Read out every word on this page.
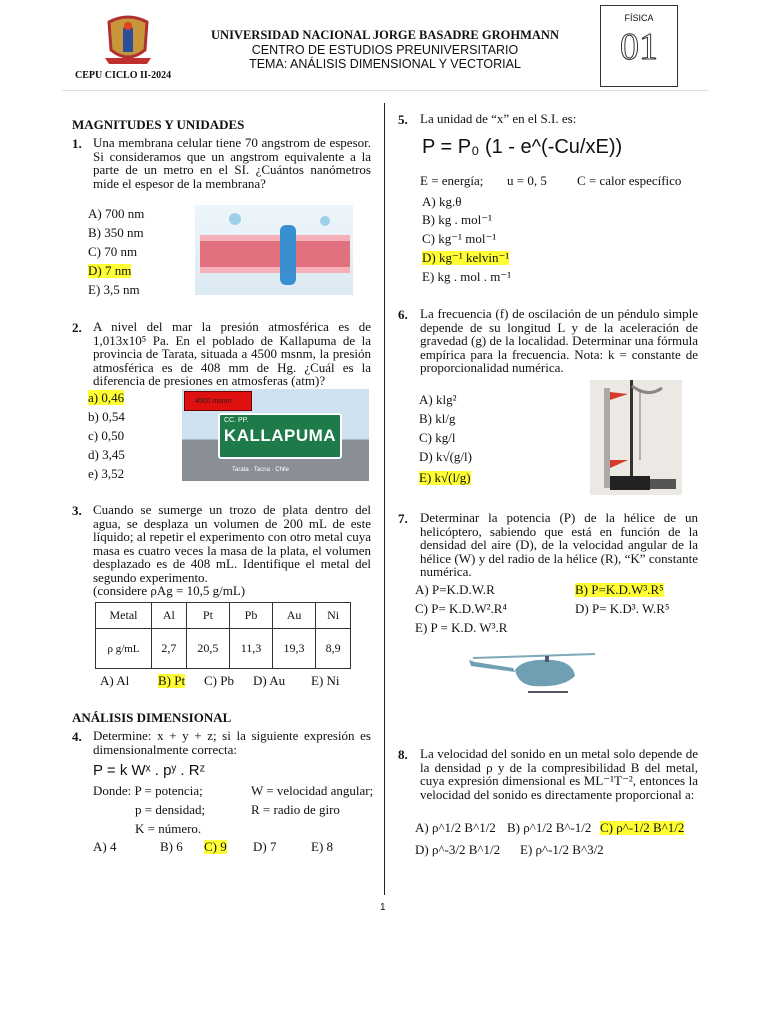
CEPU CICLO II-2024
UNIVERSIDAD NACIONAL JORGE BASADRE GROHMANN
CENTRO DE ESTUDIOS PREUNIVERSITARIO
TEMA: ANÁLISIS DIMENSIONAL Y VECTORIAL
FÍSICA
01
MAGNITUDES Y UNIDADES
1. Una membrana celular tiene 70 angstrom de espesor. Si consideramos que un angstrom equivalente a la parte de un metro en el SI. ¿Cuántos nanómetros mide el espesor de la membrana?
A) 700 nm
B) 350 nm
C) 70 nm
D) 7 nm
E) 3,5 nm
2. A nivel del mar la presión atmosférica es de 1,013x10⁵ Pa. En el poblado de Kallapuma de la provincia de Tarata, situada a 4500 msnm, la presión atmosférica es de 408 mm de Hg. ¿Cuál es la diferencia de presiones en atmosferas (atm)?
a) 0,46
b) 0,54
c) 0,50
d) 3,45
e) 3,52
4500 msnm
CC. PP.
KALLAPUMA
Tarata · Tacna · Chile
3. Cuando se sumerge un trozo de plata dentro del agua, se desplaza un volumen de 200 mL de este líquido; al repetir el experimento con otro metal cuya masa es cuatro veces la masa de la plata, el volumen desplazado es de 408 mL. Identifique el metal del segundo experimento.
(considere ρAg = 10,5 g/mL)
Metal	Al	Pt	Pb	Au	Ni
ρ g/mL	2,7	20,5	11,3	19,3	8,9
A) Al B) Pt C) Pb D) Au E) Ni
ANÁLISIS DIMENSIONAL
4. Determine: x + y + z; si la siguiente expresión es dimensionalmente correcta:
P = k Wˣ . pʸ . Rᶻ
Donde: P = potencia;	W = velocidad angular;
p = densidad;	R = radio de giro
K = número.
A) 4	B) 6 C) 9 D) 7	E) 8
5. La unidad de “x” en el S.I. es:
P = P₀ (1 - e^(-Cu/xE))
E = energía; u = 0, 5 C = calor específico
A) kg.θ
B) kg . mol⁻¹
C) kg⁻¹ mol⁻¹
D) kg⁻¹ kelvin⁻¹
E) kg . mol . m⁻¹
6. La frecuencia (f) de oscilación de un péndulo simple depende de su longitud L y de la aceleración de gravedad (g) de la localidad. Determinar una fórmula empírica para la frecuencia. Nota: k = constante de proporcionalidad numérica.
A) klg²
B) kl/g
C) kg/l
D) k√(g/l)
E) k√(l/g)
7. Determinar la potencia (P) de la hélice de un helicóptero, sabiendo que está en función de la densidad del aire (D), de la velocidad angular de la hélice (W) y del radio de la hélice (R), “K” constante numérica.
A) P=K.D.W.R	B) P=K.D.W³.R⁵
C) P= K.D.W².R⁴	D) P= K.D³. W.R⁵
E) P = K.D. W³.R
8. La velocidad del sonido en un metal solo depende de la densidad ρ y de la compresibilidad B del metal, cuya expresión dimensional es ML⁻¹T⁻², entonces la velocidad del sonido es directamente proporcional a:
A) ρ^1/2 B^1/2 B) ρ^1/2 B^-1/2 C) ρ^-1/2 B^1/2
D) ρ^-3/2 B^1/2 E) ρ^-1/2 B^3/2
1
